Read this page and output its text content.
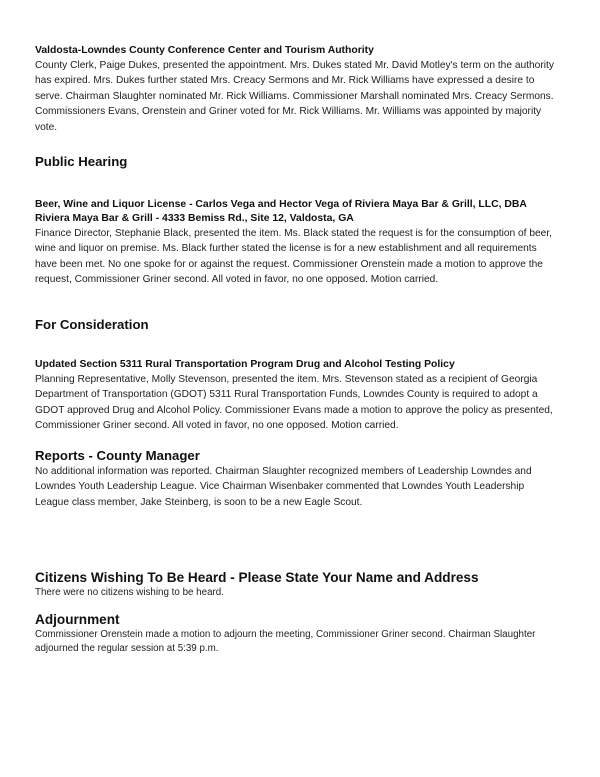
Valdosta-Lowndes County Conference Center and Tourism Authority

County Clerk, Paige Dukes, presented the appointment. Mrs. Dukes stated Mr. David Motley's term on the authority has expired. Mrs. Dukes further stated Mrs. Creacy Sermons and Mr. Rick Williams have expressed a desire to serve. Chairman Slaughter nominated Mr. Rick Williams. Commissioner Marshall nominated Mrs. Creacy Sermons. Commissioners Evans, Orenstein and Griner voted for Mr. Rick Williams. Mr. Williams was appointed by majority vote.

Public Hearing

Beer, Wine and Liquor License - Carlos Vega and Hector Vega of Riviera Maya Bar & Grill, LLC, DBA Riviera Maya Bar & Grill - 4333 Bemiss Rd., Site 12, Valdosta, GA

Finance Director, Stephanie Black, presented the item. Ms. Black stated the request is for the consumption of beer, wine and liquor on premise. Ms. Black further stated the license is for a new establishment and all requirements have been met. No one spoke for or against the request. Commissioner Orenstein made a motion to approve the request, Commissioner Griner second. All voted in favor, no one opposed. Motion carried.

For Consideration

Updated Section 5311 Rural Transportation Program Drug and Alcohol Testing Policy

Planning Representative, Molly Stevenson, presented the item. Mrs. Stevenson stated as a recipient of Georgia Department of Transportation (GDOT) 5311 Rural Transportation Funds, Lowndes County is required to adopt a GDOT approved Drug and Alcohol Policy. Commissioner Evans made a motion to approve the policy as presented, Commissioner Griner second. All voted in favor, no one opposed. Motion carried.

Reports - County Manager

No additional information was reported. Chairman Slaughter recognized members of Leadership Lowndes and Lowndes Youth Leadership League. Vice Chairman Wisenbaker commented that Lowndes Youth Leadership League class member, Jake Steinberg, is soon to be a new Eagle Scout.

Citizens Wishing To Be Heard - Please State Your Name and Address

There were no citizens wishing to be heard.

Adjournment

Commissioner Orenstein made a motion to adjourn the meeting, Commissioner Griner second. Chairman Slaughter adjourned the regular session at 5:39 p.m.
